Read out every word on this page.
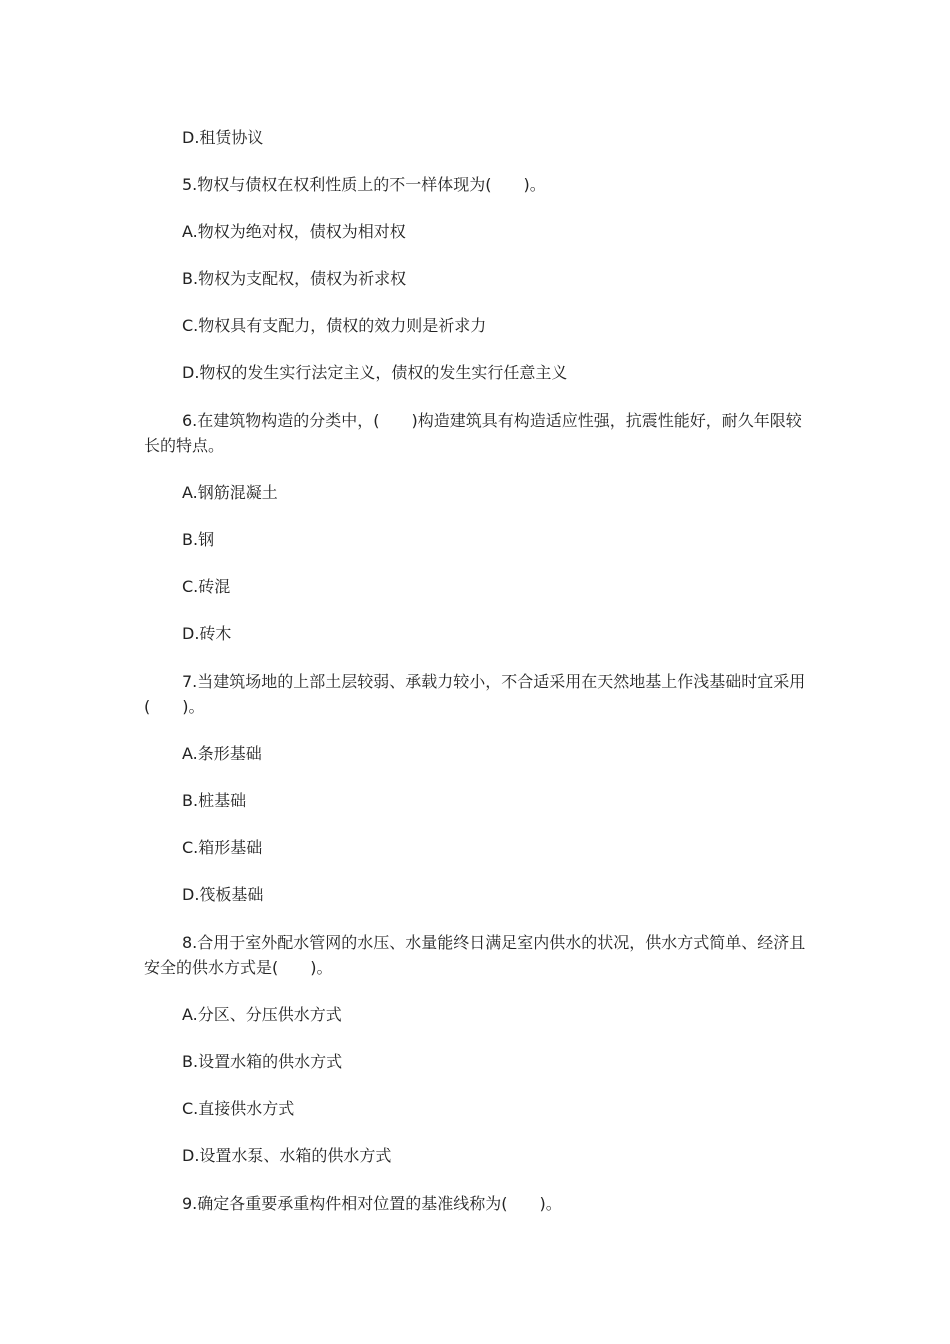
D.租赁协议
5.物权与债权在权利性质上的不一样体现为(　　)。
A.物权为绝对权，债权为相对权
B.物权为支配权，债权为祈求权
C.物权具有支配力，债权的效力则是祈求力
D.物权的发生实行法定主义，债权的发生实行任意主义
6.在建筑物构造的分类中，(　　)构造建筑具有构造适应性强，抗震性能好，耐久年限较长的特点。
A.钢筋混凝土
B.钢
C.砖混
D.砖木
7.当建筑场地的上部土层较弱、承载力较小，不合适采用在天然地基上作浅基础时宜采用(　　)。
A.条形基础
B.桩基础
C.箱形基础
D.筏板基础
8.合用于室外配水管网的水压、水量能终日满足室内供水的状况，供水方式简单、经济且安全的供水方式是(　　)。
A.分区、分压供水方式
B.设置水箱的供水方式
C.直接供水方式
D.设置水泵、水箱的供水方式
9.确定各重要承重构件相对位置的基准线称为(　　)。
